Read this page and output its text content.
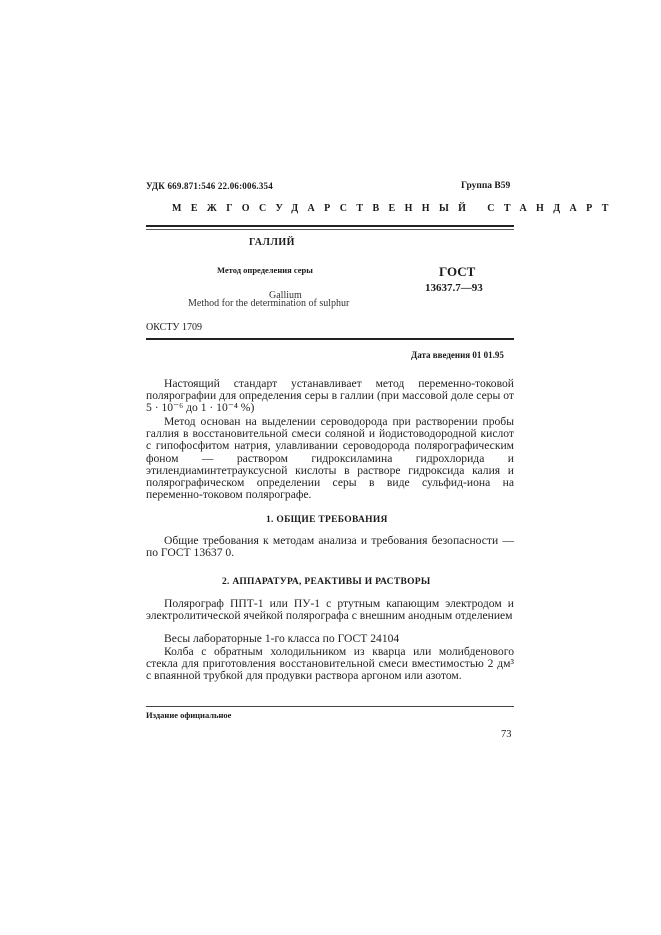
УДК 669.871:546 22.06:006.354	Группа В59
МЕЖГОСУДАРСТВЕННЫЙ СТАНДАРТ
ГАЛЛИЙ
Метод определения серы
Gallium
Method for the determination of sulphur
ГОСТ
13637.7—93
ОКСТУ 1709
Дата введения 01 01.95
Настоящий стандарт устанавливает метод переменно-токовой полярографии для определения серы в галлии (при массовой доле серы от 5 · 10⁻⁶ до 1 · 10⁻⁴ %)
Метод основан на выделении сероводорода при растворении пробы галлия в восстановительной смеси соляной и йодистоводородной кислот с гипофосфитом натрия, улавливании сероводорода полярографическим фоном — раствором гидроксиламина гидрохлорида и этилендиаминтетрауксусной кислоты в растворе гидроксида калия и полярографическом определении серы в виде сульфид-иона на переменно-токовом полярографе.
1. ОБЩИЕ ТРЕБОВАНИЯ
Общие требования к методам анализа и требования безопасности — по ГОСТ 13637 0.
2. АППАРАТУРА, РЕАКТИВЫ И РАСТВОРЫ
Полярограф ППТ-1 или ПУ-1 с ртутным капающим электродом и электролитической ячейкой полярографа с внешним анодным отделением
Весы лабораторные 1-го класса по ГОСТ 24104
Колба с обратным холодильником из кварца или молибденового стекла для приготовления восстановительной смеси вместимостью 2 дм³ с впаянной трубкой для продувки раствора аргоном или азотом.
Издание официальное
73
